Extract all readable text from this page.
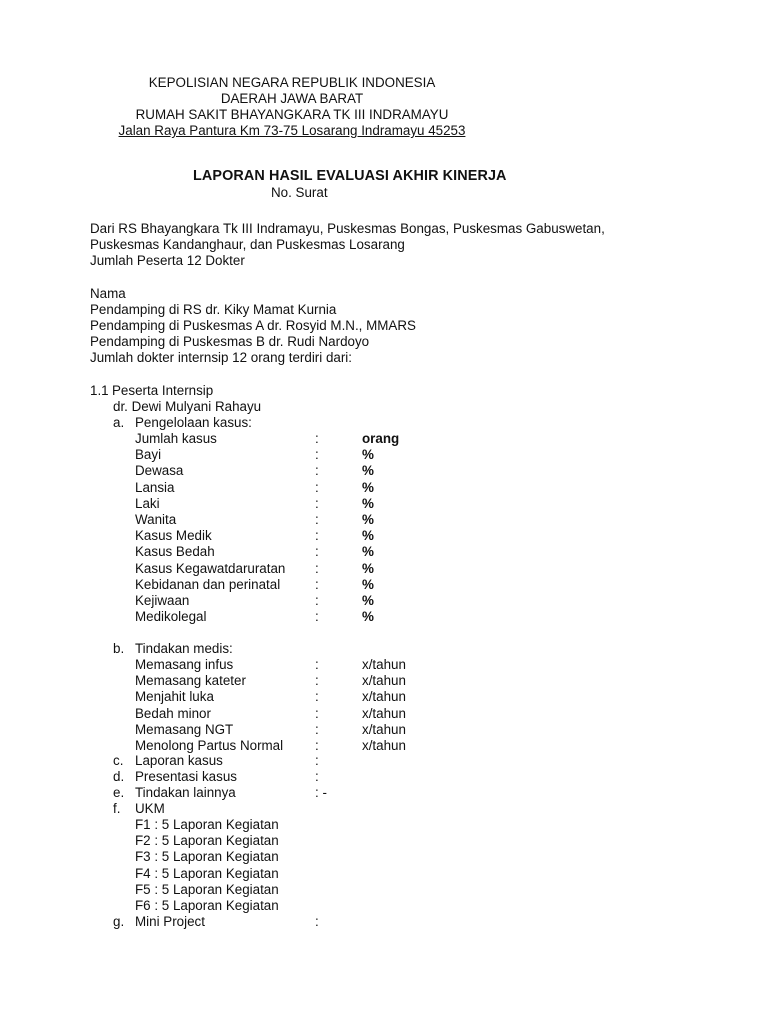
KEPOLISIAN NEGARA REPUBLIK INDONESIA
DAERAH JAWA BARAT
RUMAH SAKIT BHAYANGKARA TK III INDRAMAYU
Jalan Raya Pantura Km 73-75 Losarang Indramayu 45253
LAPORAN HASIL EVALUASI AKHIR KINERJA
No. Surat
Dari RS Bhayangkara Tk III Indramayu, Puskesmas Bongas, Puskesmas Gabuswetan,
Puskesmas Kandanghaur, dan Puskesmas Losarang
Jumlah Peserta 12 Dokter
Nama
Pendamping di RS dr. Kiky Mamat Kurnia
Pendamping di Puskesmas A dr. Rosyid M.N., MMARS
Pendamping di Puskesmas B dr. Rudi Nardoyo
Jumlah dokter internsip 12 orang terdiri dari:
1.1 Peserta Internsip
dr. Dewi Mulyani Rahayu
a. Pengelolaan kasus:
Jumlah kasus	:	orang
Bayi	:	%
Dewasa	:	%
Lansia	:	%
Laki	:	%
Wanita	:	%
Kasus Medik	:	%
Kasus Bedah	:	%
Kasus Kegawatdaruratan :	%
Kebidanan dan perinatal	:	%
Kejiwaan	:	%
Medikolegal	:	%
b. Tindakan medis:
Memasang infus	:	x/tahun
Memasang kateter	:	x/tahun
Menjahit luka	:	x/tahun
Bedah minor	:	x/tahun
Memasang NGT	:	x/tahun
Menolong Partus Normal :	x/tahun
c. Laporan kasus	:
d. Presentasi kasus	:
e. Tindakan lainnya	: -
f. UKM
F1 : 5 Laporan Kegiatan
F2 : 5 Laporan Kegiatan
F3 : 5 Laporan Kegiatan
F4 : 5 Laporan Kegiatan
F5 : 5 Laporan Kegiatan
F6 : 5 Laporan Kegiatan
g. Mini Project	:
